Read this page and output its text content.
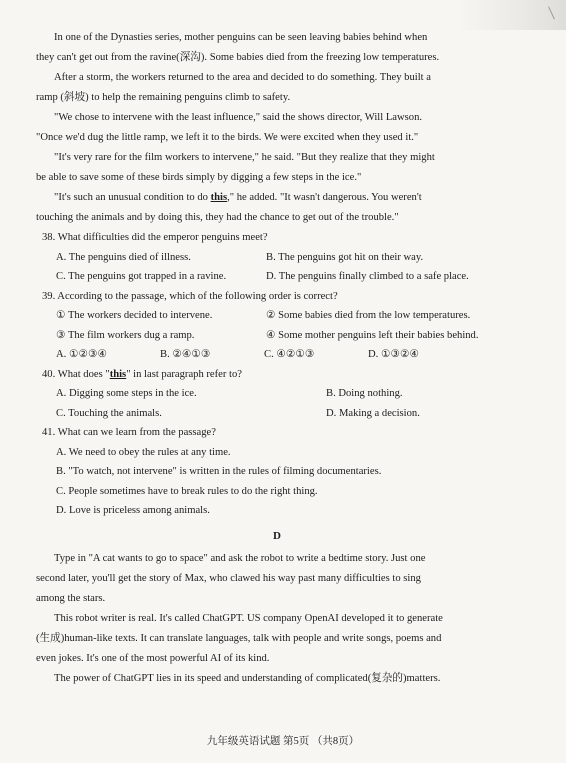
In one of the Dynasties series, mother penguins can be seen leaving babies behind when

they can't get out from the ravine(深沟). Some babies died from the freezing low temperatures.

After a storm, the workers returned to the area and decided to do something. They built a

ramp (斜坡) to help the remaining penguins climb to safety.

"We chose to intervene with the least influence," said the shows director, Will Lawson.

"Once we'd dug the little ramp, we left it to the birds. We were excited when they used it."

"It's very rare for the film workers to intervene," he said. "But they realize that they might

be able to save some of these birds simply by digging a few steps in the ice."

"It's such an unusual condition to do this," he added. "It wasn't dangerous. You weren't

touching the animals and by doing this, they had the chance to get out of the trouble."

38. What difficulties did the emperor penguins meet?

A. The penguins died of illness.	B. The penguins got hit on their way.
C. The penguins got trapped in a ravine.	D. The penguins finally climbed to a safe place.

39. According to the passage, which of the following order is correct?

① The workers decided to intervene.	② Some babies died from the low temperatures.
③ The film workers dug a ramp.	④ Some mother penguins left their babies behind.
A. ①②③④	B. ②④①③	C. ④②①③	D. ①③②④

40. What does "this" in last paragraph refer to?

A. Digging some steps in the ice.	B. Doing nothing.
C. Touching the animals.	D. Making a decision.

41. What can we learn from the passage?

A. We need to obey the rules at any time.

B. "To watch, not intervene" is written in the rules of filming documentaries.

C. People sometimes have to break rules to do the right thing.

D. Love is priceless among animals.

D

Type in "A cat wants to go to space" and ask the robot to write a bedtime story. Just one

second later, you'll get the story of Max, who clawed his way past many difficulties to sing

among the stars.

This robot writer is real. It's called ChatGPT. US company OpenAI developed it to generate

(生成)human-like texts. It can translate languages, talk with people and write songs, poems and

even jokes. It's one of the most powerful AI of its kind.

The power of ChatGPT lies in its speed and understanding of complicated(复杂的)matters.

九年级英语试题 第5页 （共8页）
